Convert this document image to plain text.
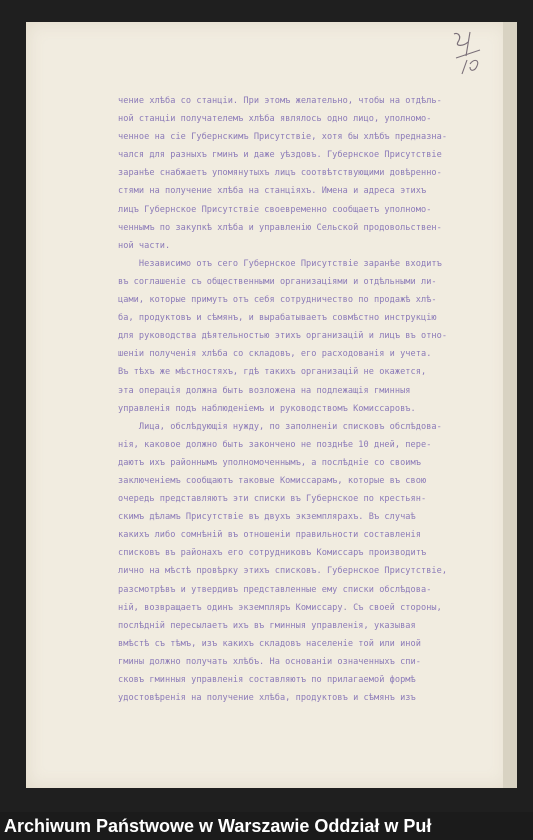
чение хлѣба со станцiи. При этомъ желательно, чтобы на отдѣль-
ной станцiи получателемъ хлѣба являлось одно лицо, уполномо-
ченное на сiе Губернскимъ Присутствiе, хотя бы хлѣбъ предназна-
чался для разныхъ гминъ и даже уѣздовъ. Губернское Присутствiе
заранѣе снабжаетъ упомянутыхъ лицъ соотвѣтствующими довѣренно-
стями на получение хлѣба на станцiяхъ. Имена и адреса этихъ
лицъ Губернское Присутствiе своевременно сообщаетъ уполномо-
ченнымъ по закупкѣ хлѣба и управленiю Сельской продовольствен-
ной части.
Независимо отъ сего Губернское Присутствiе заранѣе входитъ
въ соглашенiе съ общественными организацiями и отдѣльными ли-
цами, которые примутъ отъ себя сотрудничество по продажѣ хлѣ-
ба, продуктовъ и сѣмянъ, и вырабатываетъ совмѣстно инструкцiю
для руководства дѣятельностью этихъ организацiй и лицъ въ отно-
шенiи полученiя хлѣба со складовъ, его расходованiя и учета.
Въ тѣхъ же мѣстностяхъ, гдѣ такихъ организацiй не окажется,
эта операцiя должна быть возложена на подлежащiя гминныя
управленiя подъ наблюденiемъ и руководствомъ Комиссаровъ.
Лица, обслѣдующiя нужду, по заполненiи списковъ обслѣдова-
нiя, каковое должно быть закончено не позднѣе 10 дней, пере-
даютъ ихъ районнымъ уполномоченнымъ, а послѣднiе со своимъ
заключенiемъ сообщаютъ таковые Комиссарамъ, которые въ свою
очередь представляютъ эти списки въ Губернское по крестьян-
скимъ дѣламъ Присутствiе въ двухъ экземплярахъ. Въ случаѣ
какихъ либо сомнѣнiй въ отношенiи правильности составленiя
списковъ въ районахъ его сотрудниковъ Комиссаръ производитъ
лично на мѣстѣ провѣрку этихъ списковъ. Губернское Присутствiе,
разсмотрѣвъ и утвердивъ представленные ему списки обслѣдова-
нiй, возвращаетъ одинъ экземпляръ Комиссару. Съ своей стороны,
послѣднiй пересылаетъ ихъ въ гминныя управленiя, указывая
вмѣстѣ съ тѣмъ, изъ какихъ складовъ населенiе той или иной
гмины должно получать хлѣбъ. На основанiи означенныхъ спи-
сковъ гминныя управленiя составляютъ по прилагаемой формѣ
удостовѣренiя на получение хлѣба, продуктовъ и сѣмянъ изъ
Archiwum Państwowe w Warszawie Oddział w Puł
